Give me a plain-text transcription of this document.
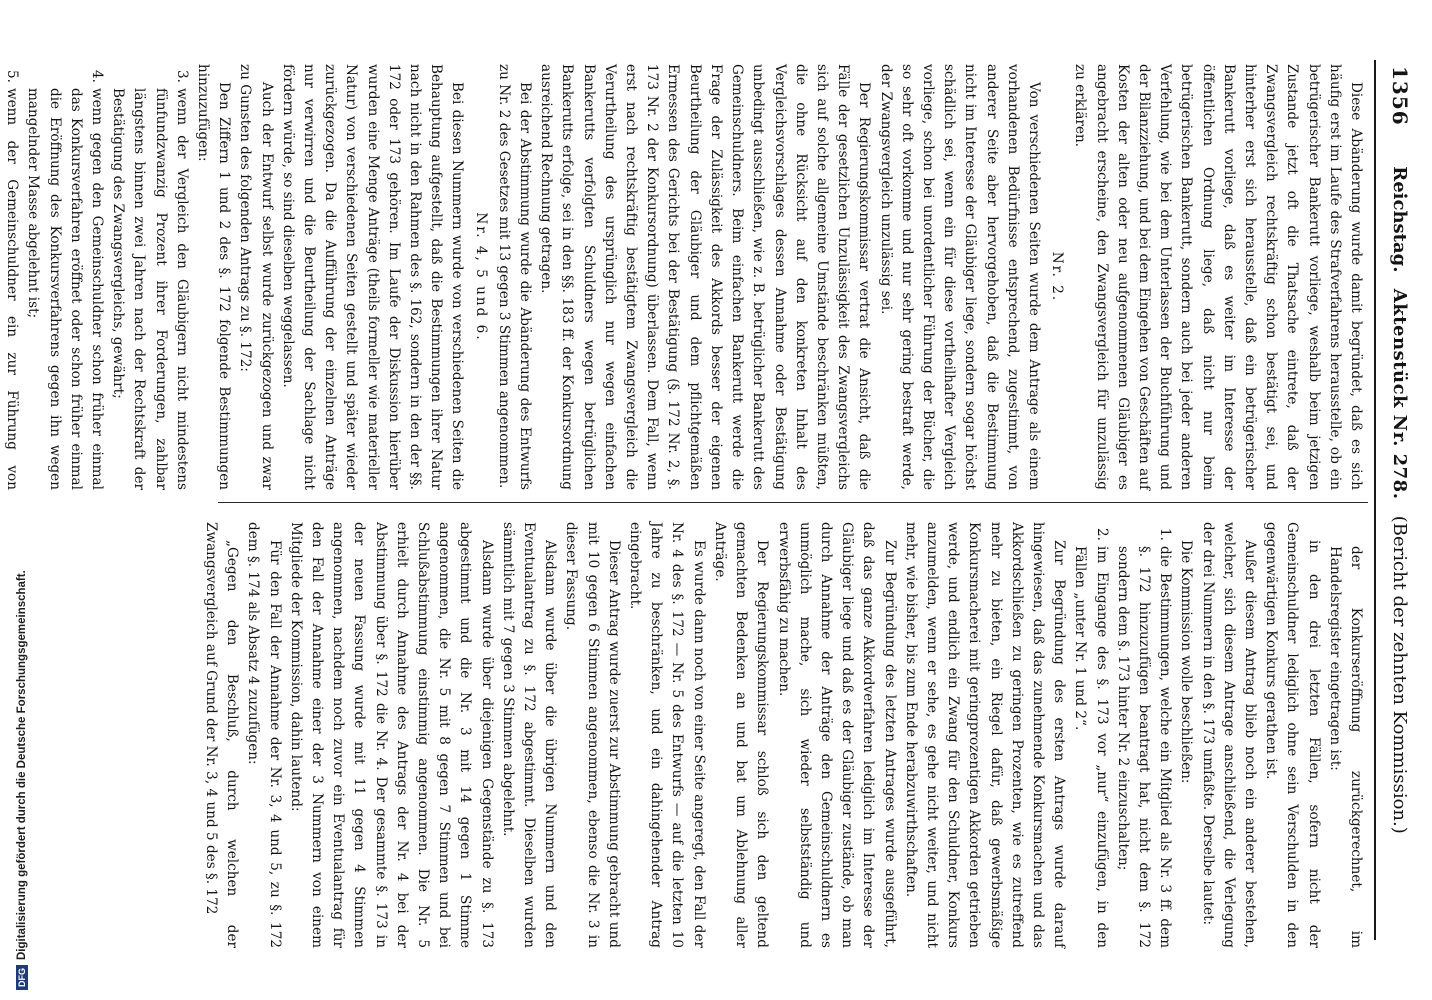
1356
Reichstag. Aktenstück Nr. 278. (Bericht der zehnten Kommission.)

Diese Abänderung wurde damit begründet, daß es sich häufig erst im Laufe des Strafverfahrens herausstelle, ob ein betrügerischer Bankerutt vorliege, weshalb beim jetzigen Zustande jetzt oft die Thatsache eintrete, daß der Zwangsvergleich rechtskräftig schon bestätigt sei, und hinterher erst sich herausstelle, daß ein betrügerischer Bankerutt vorliege, daß es weiter im Interesse der öffentlichen Ordnung liege, daß nicht nur beim betrügerischen Bankerutt, sondern auch bei jeder anderen Verfehlung, wie bei dem Unterlassen der Buchführung und der Bilanzziehung, und bei dem Eingehen von Geschäften auf Kosten der alten oder neu aufgenommenen Gläubiger es angebracht erscheine, den Zwangsvergleich für unzulässig zu erklären.

Nr. 2.

Von verschiedenen Seiten wurde dem Antrage als einem vorhandenen Bedürfnisse entsprechend, zugestimmt, von anderer Seite aber hervorgehoben, daß die Bestimmung nicht im Interesse der Gläubiger liege, sondern sogar höchst schädlich sei, wenn ein für diese vortheilhafter Vergleich vorliege, schon bei unordentlicher Führung der Bücher, die so sehr oft vorkomme und nur sehr gering bestraft werde, der Zwangsvergleich unzulässig sei.

Der Regierungskommissar vertrat die Ansicht, daß die Fälle der gesetzlichen Unzulässigkeit des Zwangsvergleichs sich auf solche allgemeine Umstände beschränken müßten, die ohne Rücksicht auf den konkreten Inhalt des Vergleichsvorschlages dessen Annahme oder Bestätigung unbedingt ausschließen, wie z. B. betrüglicher Bankerutt des Gemeinschuldners. Beim einfachen Bankerutt werde die Frage der Zulässigkeit des Akkords besser der eigenen Beurtheilung der Gläubiger und dem pflichtgemäßen Ermessen des Gerichts bei der Bestätigung (§. 172 Nr. 2, §. 173 Nr. 2 der Konkursordnung) überlassen. Dem Fall, wenn erst nach rechtskräftig bestätigtem Zwangsvergleich die Verurtheilung des ursprünglich nur wegen einfachen Bankerutts verfolgten Schuldners wegen betrüglichen Bankerutts erfolge, sei in den §§. 183 ff. der Konkursordnung ausreichend Rechnung getragen.

Bei der Abstimmung wurde die Abänderung des Entwurfs zu Nr. 2 des Gesetzes mit 13 gegen 3 Stimmen angenommen.

Nr. 4, 5 und 6.

Bei diesen Nummern wurde von verschiedenen Seiten die Behauptung aufgestellt, daß die Bestimmungen ihrer Natur nach nicht in den Rahmen des §. 162, sondern in den der §§. 172 oder 173 gehören. Im Laufe der Diskussion hierüber wurden eine Menge Anträge (theils formeller wie materieller Natur) von verschiedenen Seiten gestellt und später wieder zurückgezogen. Da die Aufführung der einzelnen Anträge nur verwirren und die Beurtheilung der Sachlage nicht fördern würde, so sind dieselben weggelassen.

Auch der Entwurf selbst wurde zurückgezogen und zwar zu Gunsten des folgenden Antrags zu §. 172:

Den Ziffern 1 und 2 des §. 172 folgende Bestimmungen hinzuzufügen:

3.
wenn der Vergleich den Gläubigern nicht mindestens fünfundzwanzig Prozent ihrer Forderungen, zahlbar längstens binnen zwei Jahren nach der Rechtskraft der Bestätigung des Zwangsvergleichs, gewährt;

4.
wenn gegen den Gemeinschuldner schon früher einmal das Konkursverfahren eröffnet oder schon früher einmal die Eröffnung des Konkursverfahrens gegen ihn wegen mangelnder Masse abgelehnt ist;

5.
wenn der Gemeinschuldner ein zur Führung von

der Konkurseröffnung zurückgerechnet, im Handelsregister eingetragen ist:

in den drei letzten Fällen, sofern nicht der Gemeinschuldner lediglich ohne sein Verschulden in den gegenwärtigen Konkurs gerathen ist.

Außer diesem Antrag blieb noch ein anderer bestehen, welcher, sich diesem Antrage anschließend, die Verlegung der drei Nummern in den §. 173 umfaßte. Derselbe lautet:

Die Kommission wolle beschließen:

1.
die Bestimmungen, welche ein Mitglied als Nr. 3 ff. dem §. 172 hinzuzufügen beantragt hat, nicht dem §. 172 sondern dem §. 173 hinter Nr. 2 einzuschalten;

2.
im Eingange des §. 173 vor „nur“ einzufügen, in den Fällen „unter Nr. 1 und 2“.

Zur Begründung des ersten Antrags wurde darauf hingewiesen, daß das zunehmende Konkursmachen und das Akkordschließen zu geringen Prozenten, wie es zutreffend mehr zu bieten, ein Riegel dafür, daß gewerbsmäßige Konkursmacherei mit geringprozentigen Akkorden getrieben werde, und endlich ein Zwang für den Schuldner, Konkurs anzumelden, wenn er sehe, es gehe nicht weiter, und nicht mehr, wie bisher, bis zum Ende herabzuwirthschaften.

Zur Begründung des letzten Antrages wurde ausgeführt, daß das ganze Akkordverfahren lediglich im Interesse der Gläubiger liege und daß es der Gläubiger zustände, ob man durch Annahme der Anträge den Gemeinschuldnern es unmöglich mache, sich wieder selbstständig und erwerbsfähig zu machen.

Der Regierungskommissar schloß sich den geltend gemachten Bedenken an und bat um Ablehnung aller Anträge.

Es wurde dann noch von einer Seite angeregt, den Fall der Nr. 4 des §. 172 — Nr. 5 des Entwurfs — auf die letzten 10 Jahre zu beschränken, und ein dahingehender Antrag eingebracht.

Dieser Antrag wurde zuerst zur Abstimmung gebracht und mit 10 gegen 6 Stimmen angenommen, ebenso die Nr. 3 in dieser Fassung.

Alsdann wurde über die übrigen Nummern und den Eventualantrag zu §. 172 abgestimmt. Dieselben wurden sämmtlich mit 7 gegen 3 Stimmen abgelehnt.

Alsdann wurde über diejenigen Gegenstände zu §. 173 abgestimmt und die Nr. 3 mit 14 gegen 1 Stimme angenommen, die Nr. 5 mit 8 gegen 7 Stimmen und bei Schlußabstimmung einstimmig angenommen. Die Nr. 5 erhielt durch Annahme des Antrags der Nr. 4 bei der Abstimmung über §. 172 die Nr. 4. Der gesammte §. 173 in der neuen Fassung wurde mit 11 gegen 4 Stimmen angenommen, nachdem noch zuvor ein Eventualantrag für den Fall der Annahme einer der 3 Nummern von einem Mitgliede der Kommission, dahin lautend:

Für den Fall der Annahme der Nr. 3, 4 und 5, zu §. 172 dem §. 174 als Absatz 4 zuzufügen:

„Gegen den Beschluß, durch welchen der Zwangsvergleich auf Grund der Nr. 3, 4 und 5 des §. 172

DFGDigitalisierung gefördert durch die Deutsche Forschungsgemeinschaft.
